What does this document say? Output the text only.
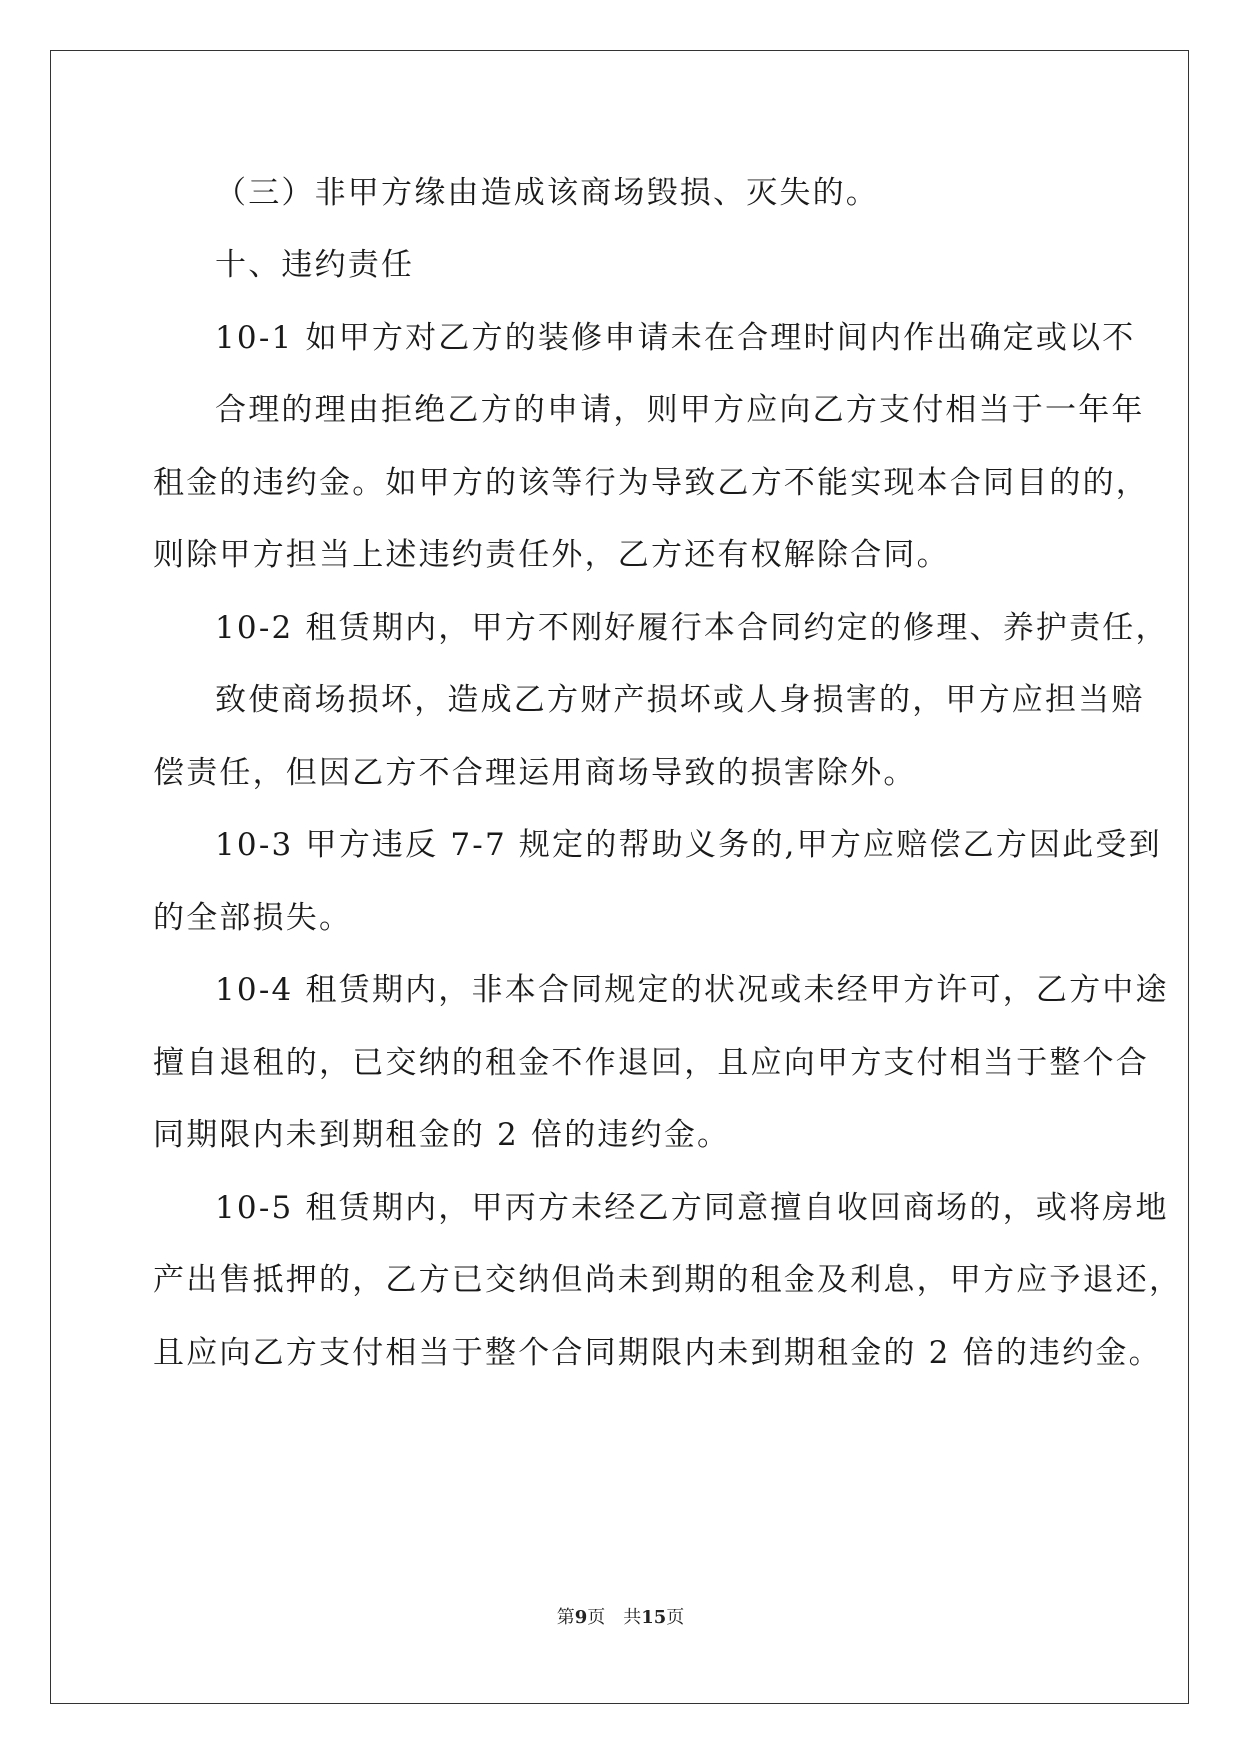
（三）非甲方缘由造成该商场毁损、灭失的。
十、违约责任
10-1 如甲方对乙方的装修申请未在合理时间内作出确定或以不
合理的理由拒绝乙方的申请，则甲方应向乙方支付相当于一年年
租金的违约金。如甲方的该等行为导致乙方不能实现本合同目的的，
则除甲方担当上述违约责任外，乙方还有权解除合同。
10-2 租赁期内，甲方不刚好履行本合同约定的修理、养护责任，
致使商场损坏，造成乙方财产损坏或人身损害的，甲方应担当赔
偿责任，但因乙方不合理运用商场导致的损害除外。
10-3 甲方违反 7-7 规定的帮助义务的,甲方应赔偿乙方因此受到
的全部损失。
10-4 租赁期内，非本合同规定的状况或未经甲方许可，乙方中途
擅自退租的，已交纳的租金不作退回，且应向甲方支付相当于整个合
同期限内未到期租金的 2 倍的违约金。
10-5 租赁期内，甲丙方未经乙方同意擅自收回商场的，或将房地
产出售抵押的，乙方已交纳但尚未到期的租金及利息，甲方应予退还，
且应向乙方支付相当于整个合同期限内未到期租金的 2 倍的违约金。
第9页 共15页
